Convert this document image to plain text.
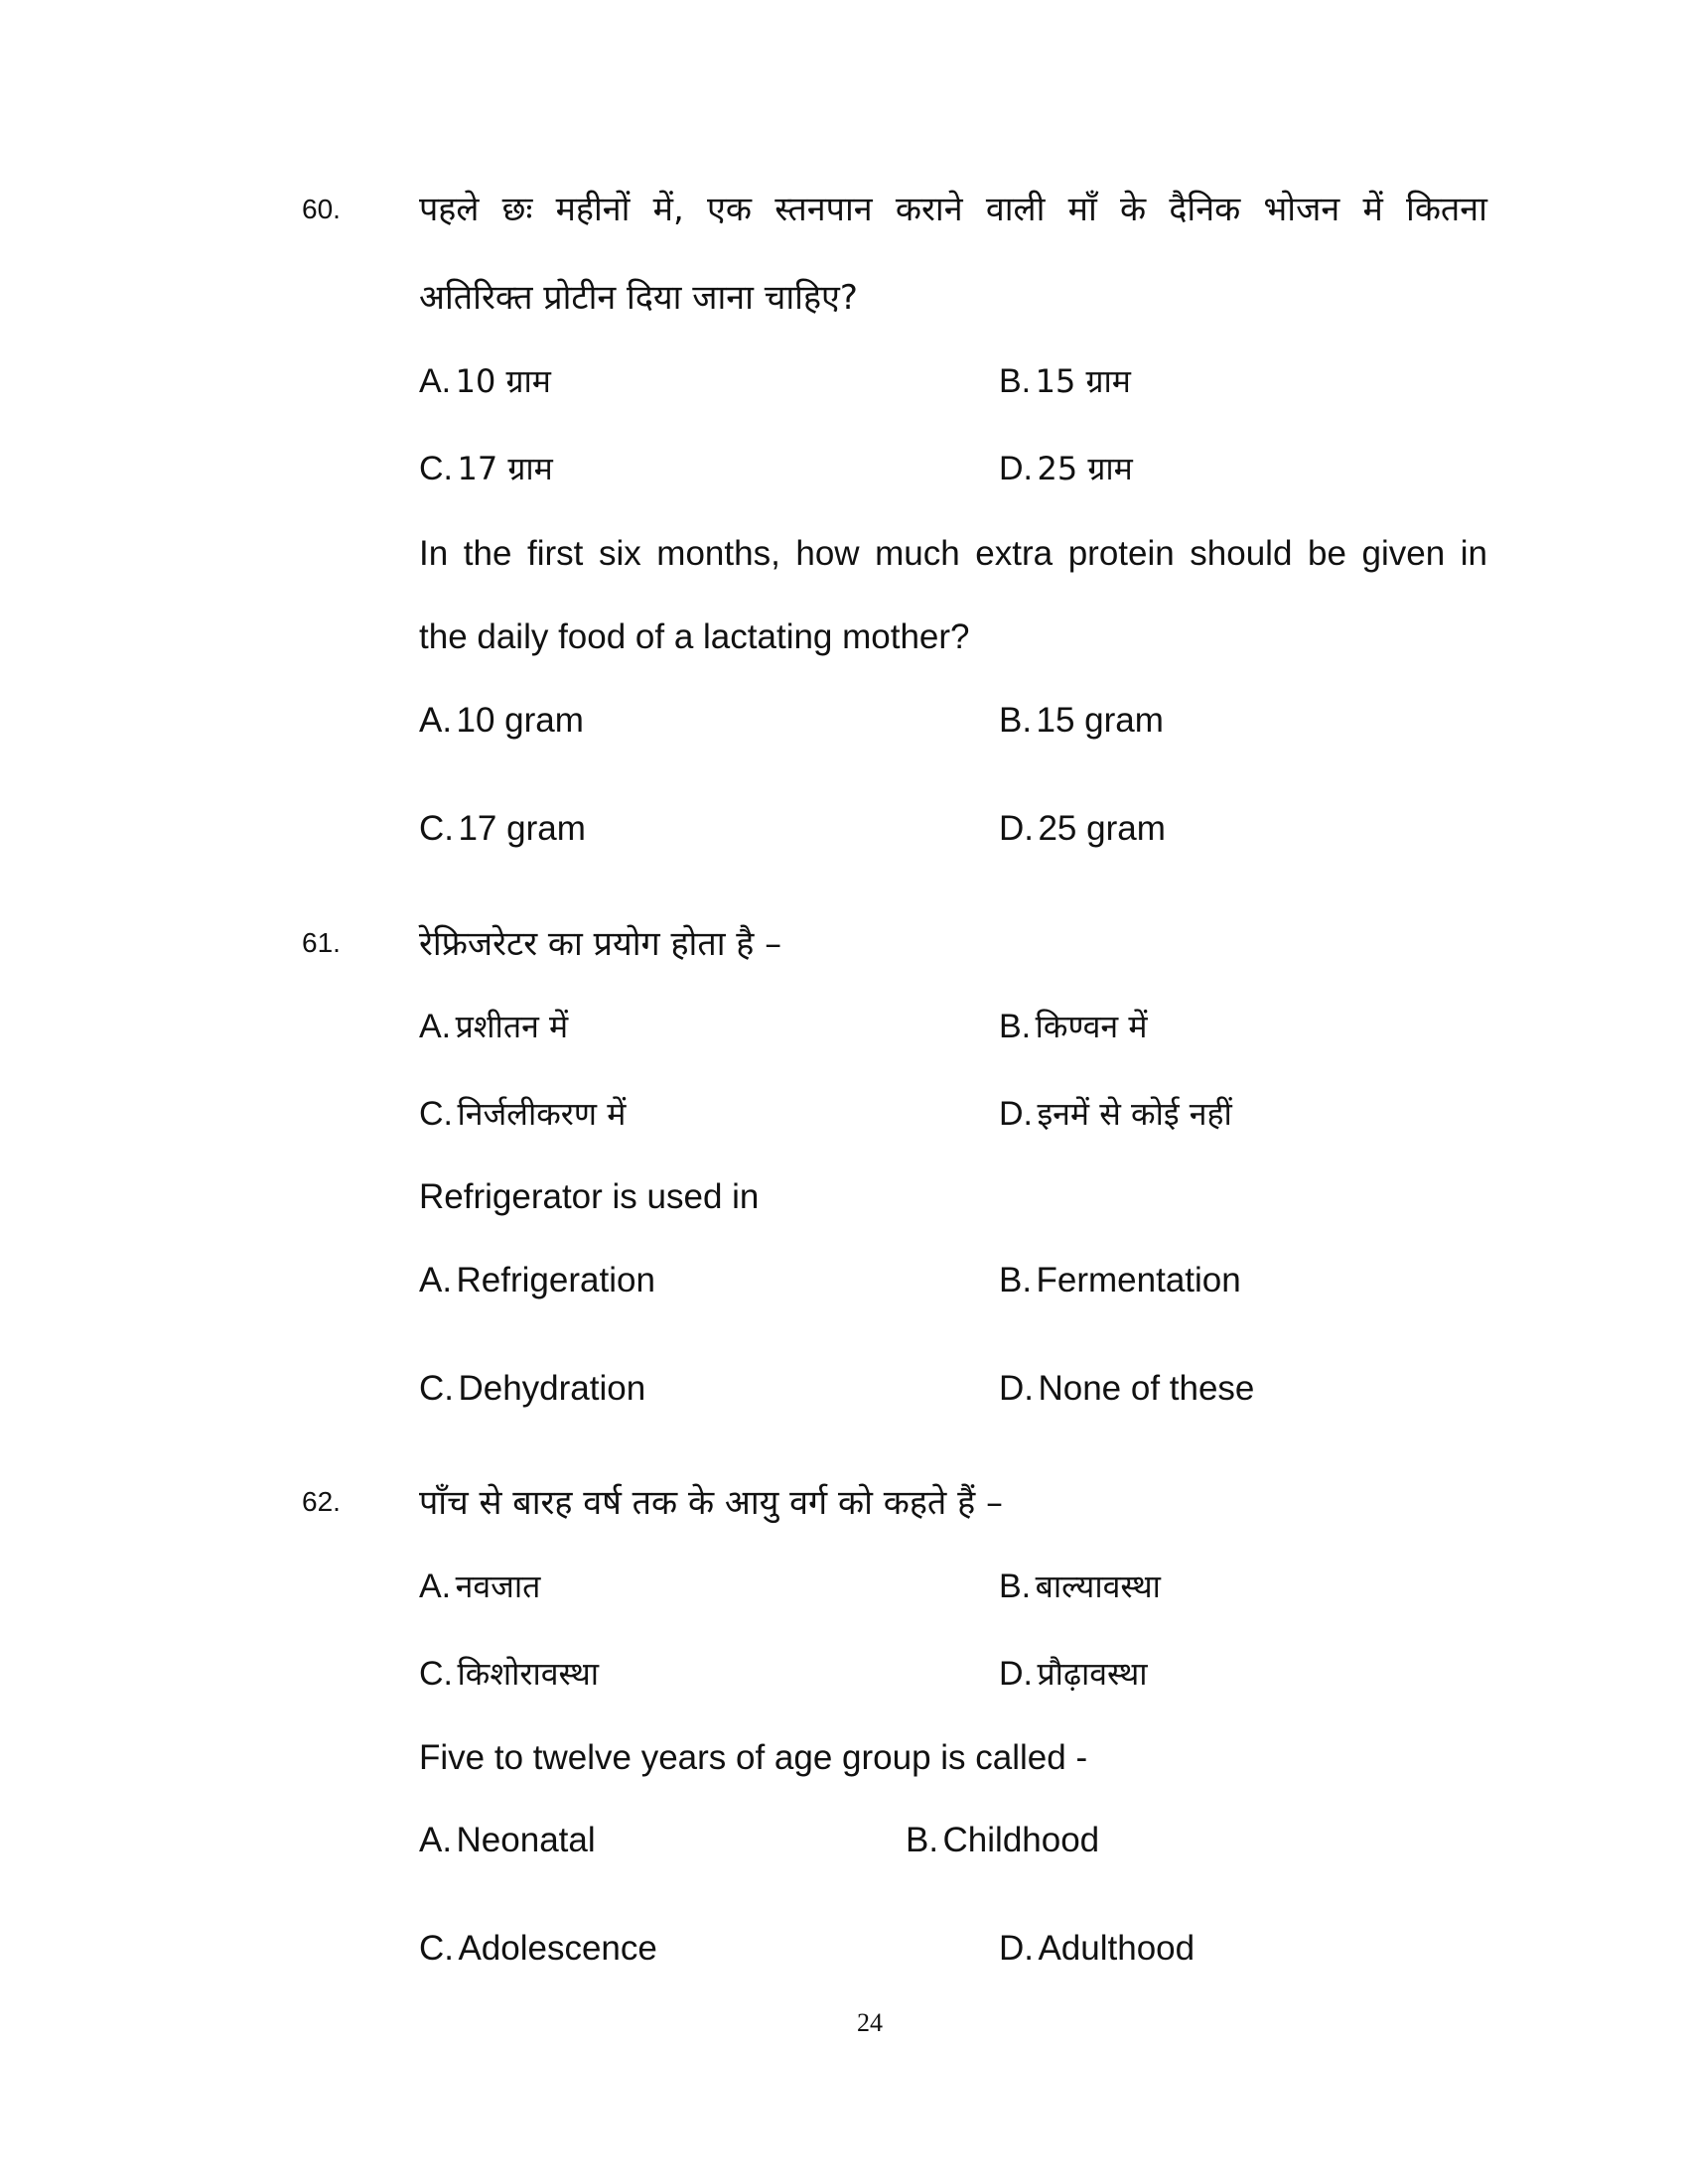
60. पहले छः महीनों में, एक स्तनपान कराने वाली माँ के दैनिक भोजन में कितना
अतिरिक्त प्रोटीन दिया जाना चाहिए?
A. 10 ग्राम	B. 15 ग्राम
C. 17 ग्राम	D. 25 ग्राम
In the first six months, how much extra protein should be given in
the daily food of a lactating mother?
A. 10 gram	B. 15 gram
C. 17 gram	D. 25 gram
61. रेफ्रिजरेटर का प्रयोग होता है –
A. प्रशीतन में	B. किण्वन में
C. निर्जलीकरण में	D. इनमें से कोई नहीं
Refrigerator is used in
A. Refrigeration	B. Fermentation
C. Dehydration	D. None of these
62. पाँच से बारह वर्ष तक के आयु वर्ग को कहते हैं –
A. नवजात	B. बाल्यावस्था
C. किशोरावस्था	D. प्रौढ़ावस्था
Five to twelve years of age group is called -
A. Neonatal	B. Childhood
C. Adolescence	D. Adulthood
24
